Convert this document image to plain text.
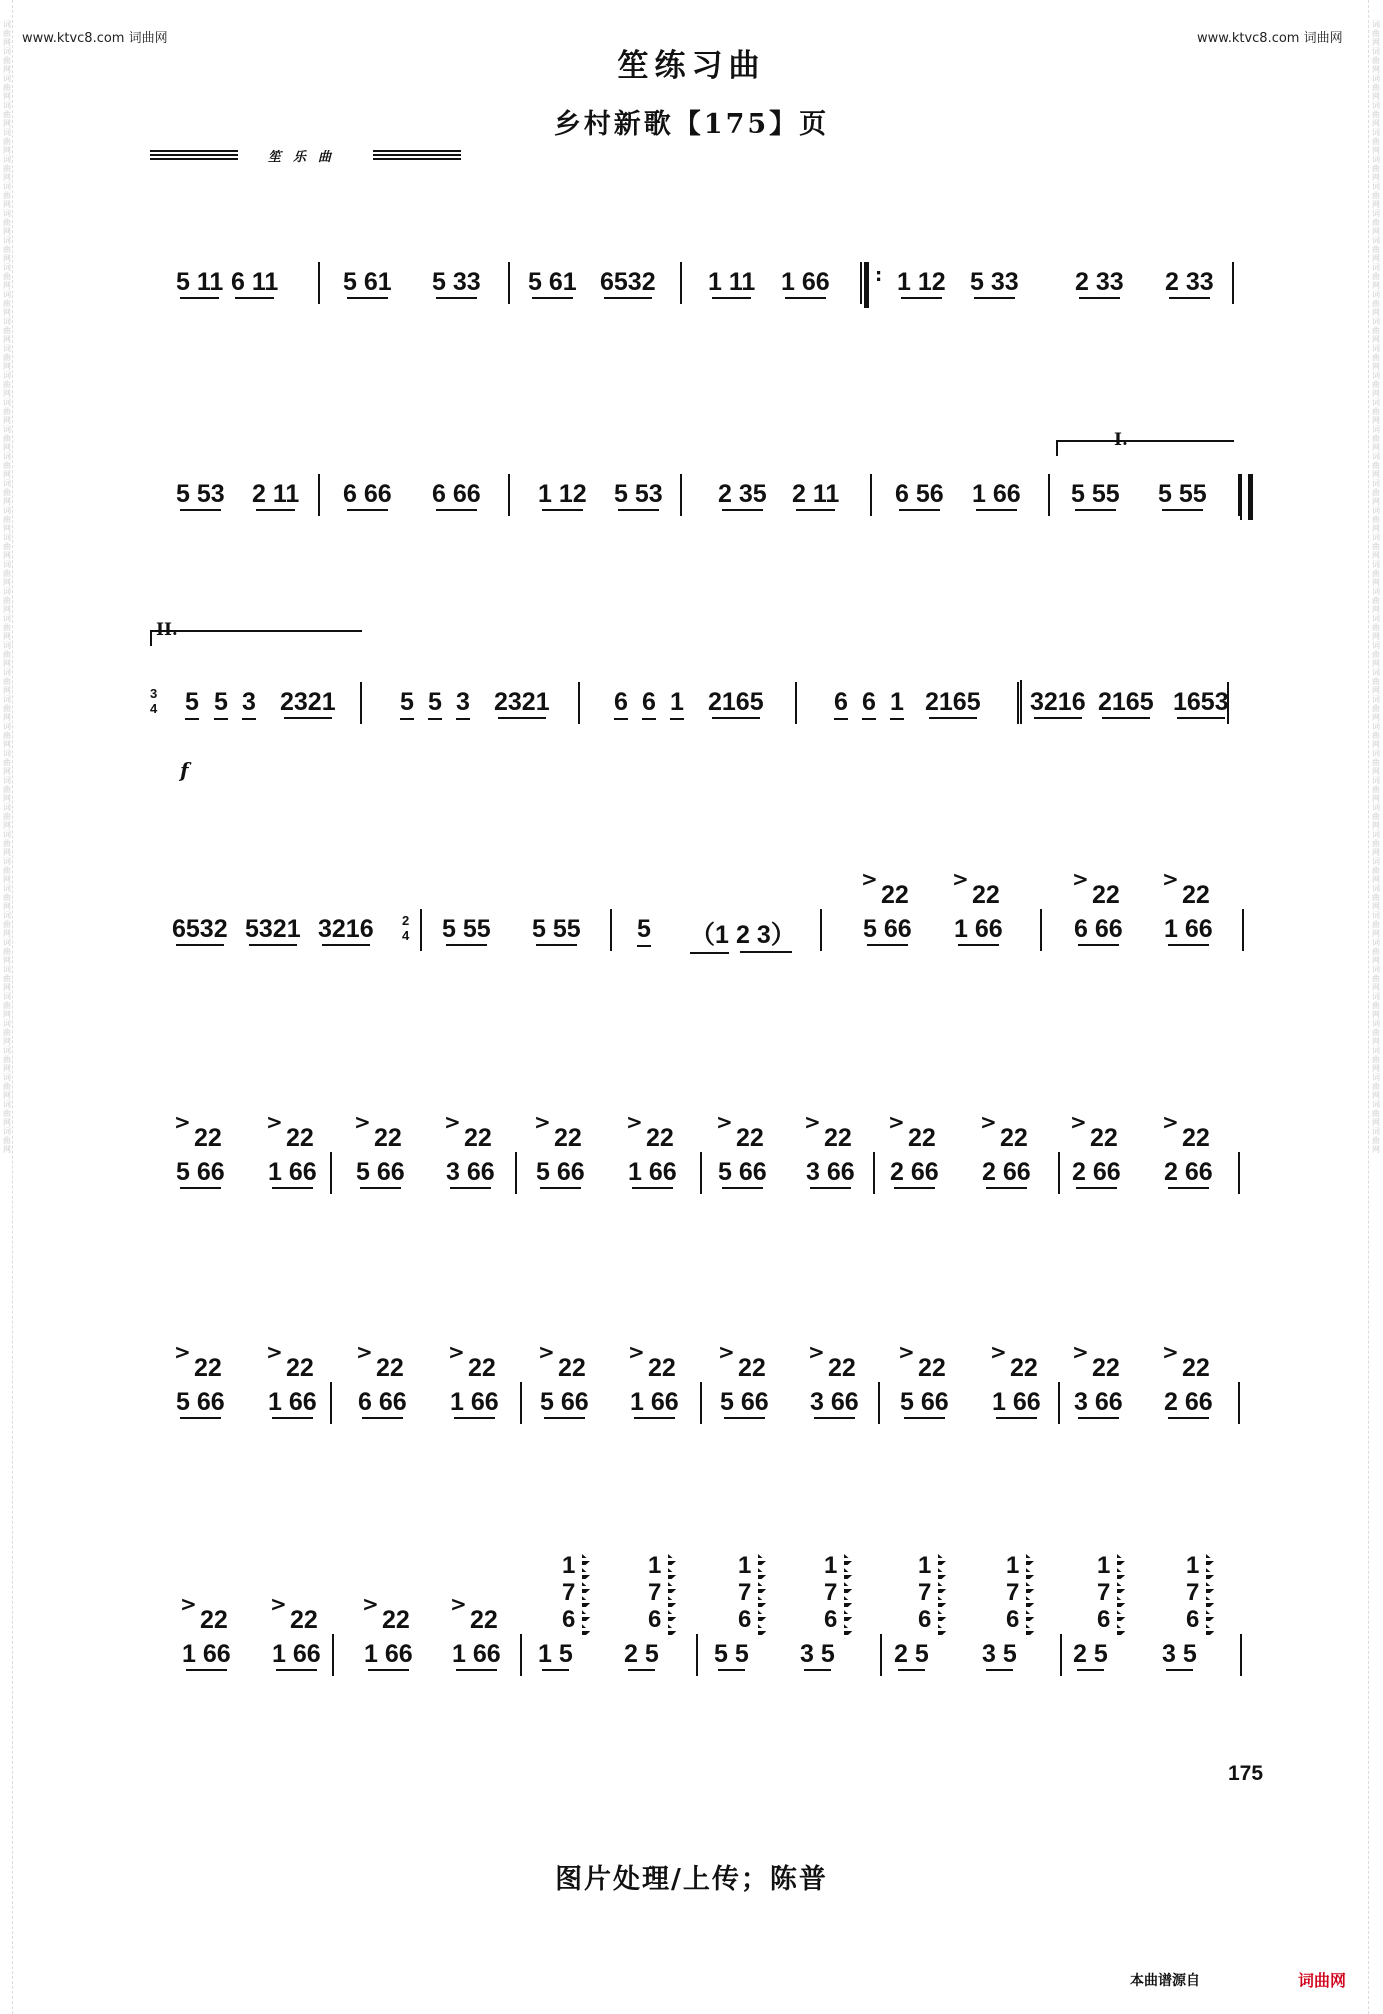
词曲网词曲网词曲网词曲网词曲网词曲网词曲网词曲网词曲网词曲网词曲网词曲网词曲网词曲网词曲网词曲网词曲网词曲网词曲网词曲网词曲网词曲网词曲网词曲网词曲网词曲网词曲网词曲网词曲网词曲网词曲网词曲网词曲网词曲网词曲网词曲网词曲网词曲网词曲网词曲网词曲网词曲网
词曲网词曲网词曲网词曲网词曲网词曲网词曲网词曲网词曲网词曲网词曲网词曲网词曲网词曲网词曲网词曲网词曲网词曲网词曲网词曲网词曲网词曲网词曲网词曲网词曲网词曲网词曲网词曲网词曲网词曲网词曲网词曲网词曲网词曲网词曲网词曲网词曲网词曲网词曲网词曲网词曲网词曲网
www.ktvc8.com 词曲网	www.ktvc8.com 词曲网
笙练习曲
乡村新歌【175】页
笙乐曲
:
5 11 6 11	5 61 5 33 5 61 6532 1 11 1 66	1 12 5 33 2 33 2 33
I.
5 53 2 11 6 66 6 66 1 12 5 53 2 35 2 11 6 56 1 66 5 55 5 55
II.
3
4
f
5 5 3 2321	5 5 3 2321	6 6 1 2165	6 6 1 2165 3216 2165 1653
2
4
6532 5321 3216	5 55 5 55 5 （1 2 3）	5 66 1 66	6 66 1 66
22
>
22
>
22
>
22
>
5 66 1 66 5 66 3 66 5 66 1 66 5 66 3 66 2 66 2 66 2 66 2 66
22
>
22
>
22
>
22
>
22
>
22
>
22
>
22
>
22
>
22
>
22
>
22
>
5 66 1 66 6 66 1 66 5 66 1 66 5 66 3 66 5 66 1 66 3 66 2 66
22
>
22
>
22
>
22
>
22
>
22
>
22
>
22
>
22
>
22
>
22
>
22
>
1 66 1 66 1 66 1 66 1 5 2 5 5 5 3 5 2 5 3 5 2 5 3 5
22
>
22
>
22
>
22
>
1
7
6
1
7
6
1
7
6
1
7
6
1
7
6
1
7
6
1
7
6
1
7
6
175
图片处理/上传；陈普
本曲谱源自	词曲网
